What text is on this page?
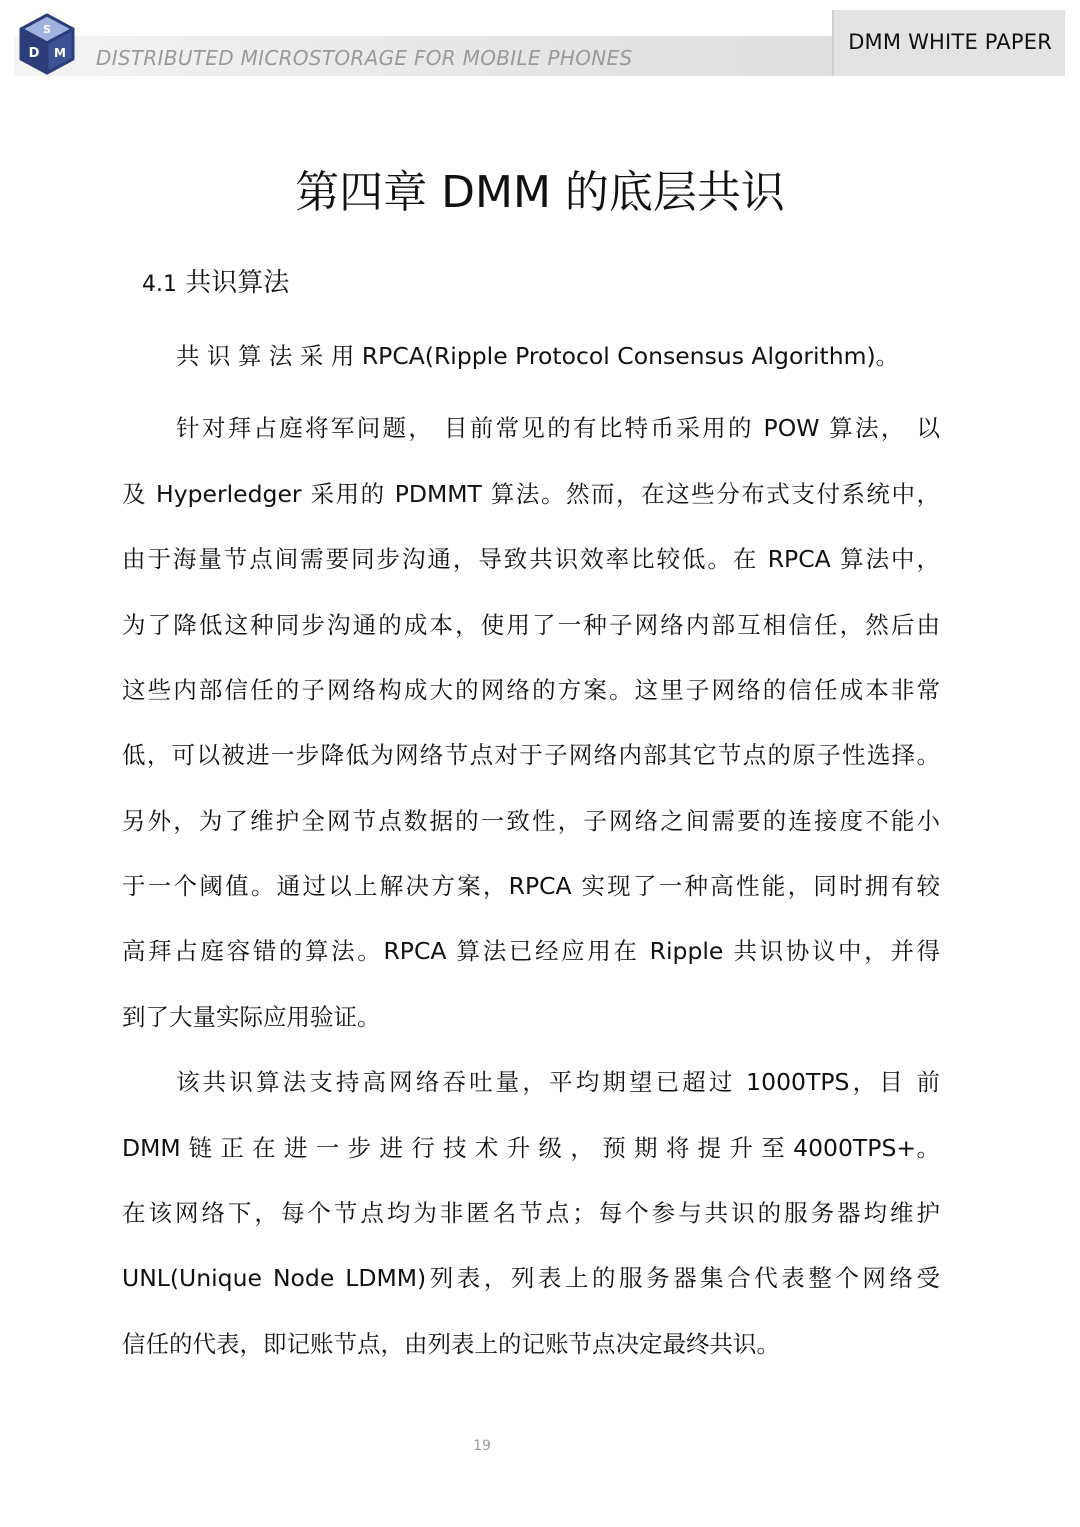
DMM WHITE PAPER
S
D M DISTRIBUTED MICROSTORAGE FOR MOBILE PHONES
第四章 DMM 的底层共识
4.1 共识算法
共 识 算 法 采 用 RPCA(Ripple Protocol Consensus Algorithm)。
针对拜占庭将军问题， 目前常见的有比特币采用的 POW 算法， 以
及 Hyperledger 采用的 PDMMT 算法。然而，在这些分布式支付系统中，
由于海量节点间需要同步沟通，导致共识效率比较低。在 RPCA 算法中，
为了降低这种同步沟通的成本，使用了一种子网络内部互相信任，然后由
这些内部信任的子网络构成大的网络的方案。这里子网络的信任成本非常
低，可以被进一步降低为网络节点对于子网络内部其它节点的原子性选择。
另外，为了维护全网节点数据的一致性，子网络之间需要的连接度不能小
于一个阈值。通过以上解决方案，RPCA 实现了一种高性能，同时拥有较
高拜占庭容错的算法。RPCA 算法已经应用在 Ripple 共识协议中，并得
到了大量实际应用验证。
该共识算法支持高网络吞吐量，平均期望已超过 1000TPS，目 前
DMM 链 正 在 进 一 步 进 行 技 术 升 级 ， 预 期 将 提 升 至 4000TPS+。
在该网络下，每个节点均为非匿名节点；每个参与共识的服务器均维护
UNL(Unique Node LDMM)列表，列表上的服务器集合代表整个网络受
信任的代表，即记账节点，由列表上的记账节点决定最终共识。
19
